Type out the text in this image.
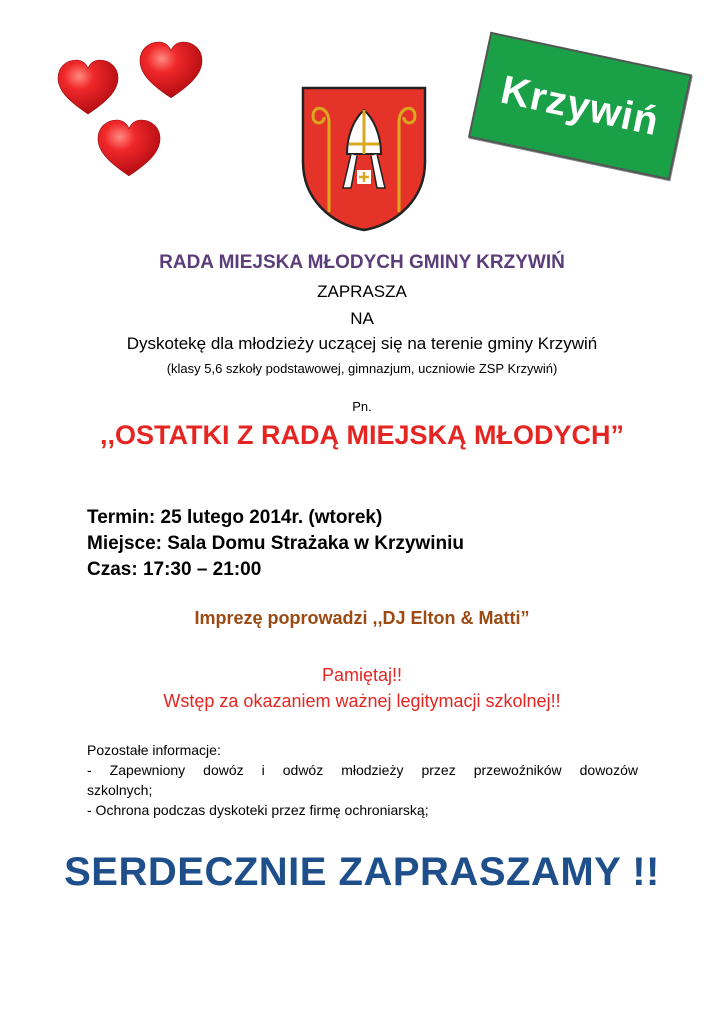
Krzywiń
RADA MIEJSKA MŁODYCH GMINY KRZYWIŃ
ZAPRASZA
NA
Dyskotekę dla młodzieży uczącej się na terenie gminy Krzywiń
(klasy 5,6 szkoły podstawowej, gimnazjum, uczniowie ZSP Krzywiń)
Pn.
,,OSTATKI Z RADĄ MIEJSKĄ MŁODYCH”
Termin: 25 lutego 2014r. (wtorek)
Miejsce: Sala Domu Strażaka w Krzywiniu
Czas: 17:30 – 21:00
Imprezę poprowadzi ,,DJ Elton & Matti”
Pamiętaj!!
Wstęp za okazaniem ważnej legitymacji szkolnej!!
Pozostałe informacje:
- Zapewniony dowóz i odwóz młodzieży przez przewoźników dowozów
szkolnych;
- Ochrona podczas dyskoteki przez firmę ochroniarską;
SERDECZNIE ZAPRASZAMY !!
